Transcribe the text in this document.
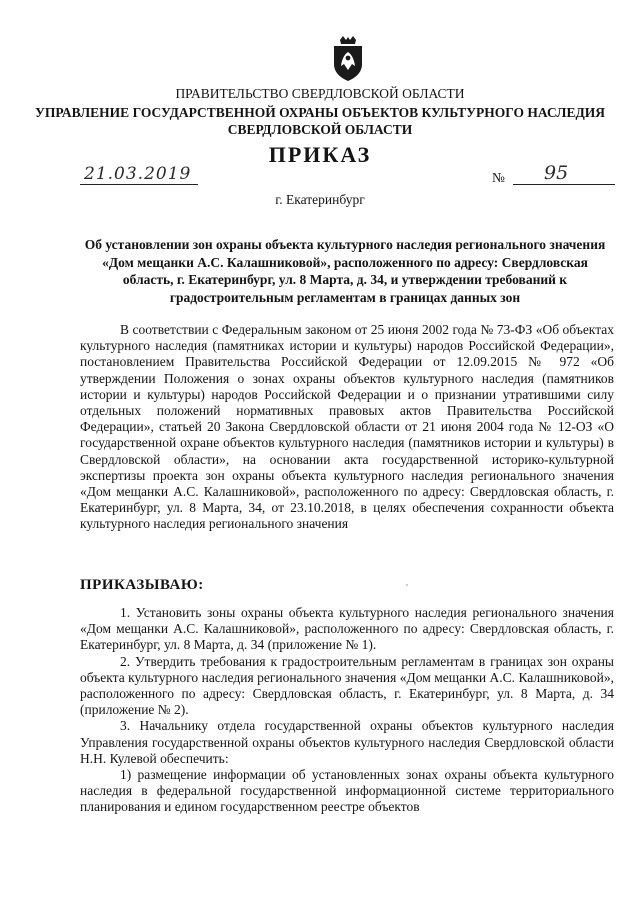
ПРАВИТЕЛЬСТВО СВЕРДЛОВСКОЙ ОБЛАСТИ
УПРАВЛЕНИЕ ГОСУДАРСТВЕННОЙ ОХРАНЫ ОБЪЕКТОВ КУЛЬТУРНОГО НАСЛЕДИЯ СВЕРДЛОВСКОЙ ОБЛАСТИ
ПРИКАЗ
21.03.2019	№ 95
г. Екатеринбург
Об установлении зон охраны объекта культурного наследия регионального значения «Дом мещанки А.С. Калашниковой», расположенного по адресу: Свердловская область, г. Екатеринбург, ул. 8 Марта, д. 34, и утверждении требований к градостроительным регламентам в границах данных зон

В соответствии с Федеральным законом от 25 июня 2002 года № 73-ФЗ «Об объектах культурного наследия (памятниках истории и культуры) народов Российской Федерации», постановлением Правительства Российской Федерации от 12.09.2015 № 972 «Об утверждении Положения о зонах охраны объектов культурного наследия (памятников истории и культуры) народов Российской Федерации и о признании утратившими силу отдельных положений нормативных правовых актов Правительства Российской Федерации», статьей 20 Закона Свердловской области от 21 июня 2004 года № 12-ОЗ «О государственной охране объектов культурного наследия (памятников истории и культуры) в Свердловской области», на основании акта государственной историко-культурной экспертизы проекта зон охраны объекта культурного наследия регионального значения «Дом мещанки А.С. Калашниковой», расположенного по адресу: Свердловская область, г. Екатеринбург, ул. 8 Марта, 34, от 23.10.2018, в целях обеспечения сохранности объекта культурного наследия регионального значения

ПРИКАЗЫВАЮ:

1. Установить зоны охраны объекта культурного наследия регионального значения «Дом мещанки А.С. Калашниковой», расположенного по адресу: Свердловская область, г. Екатеринбург, ул. 8 Марта, д. 34 (приложение № 1).

2. Утвердить требования к градостроительным регламентам в границах зон охраны объекта культурного наследия регионального значения «Дом мещанки А.С. Калашниковой», расположенного по адресу: Свердловская область, г. Екатеринбург, ул. 8 Марта, д. 34 (приложение № 2).

3. Начальнику отдела государственной охраны объектов культурного наследия Управления государственной охраны объектов культурного наследия Свердловской области Н.Н. Кулевой обеспечить:

1) размещение информации об установленных зонах охраны объекта культурного наследия в федеральной государственной информационной системе территориального планирования и едином государственном реестре объектов
